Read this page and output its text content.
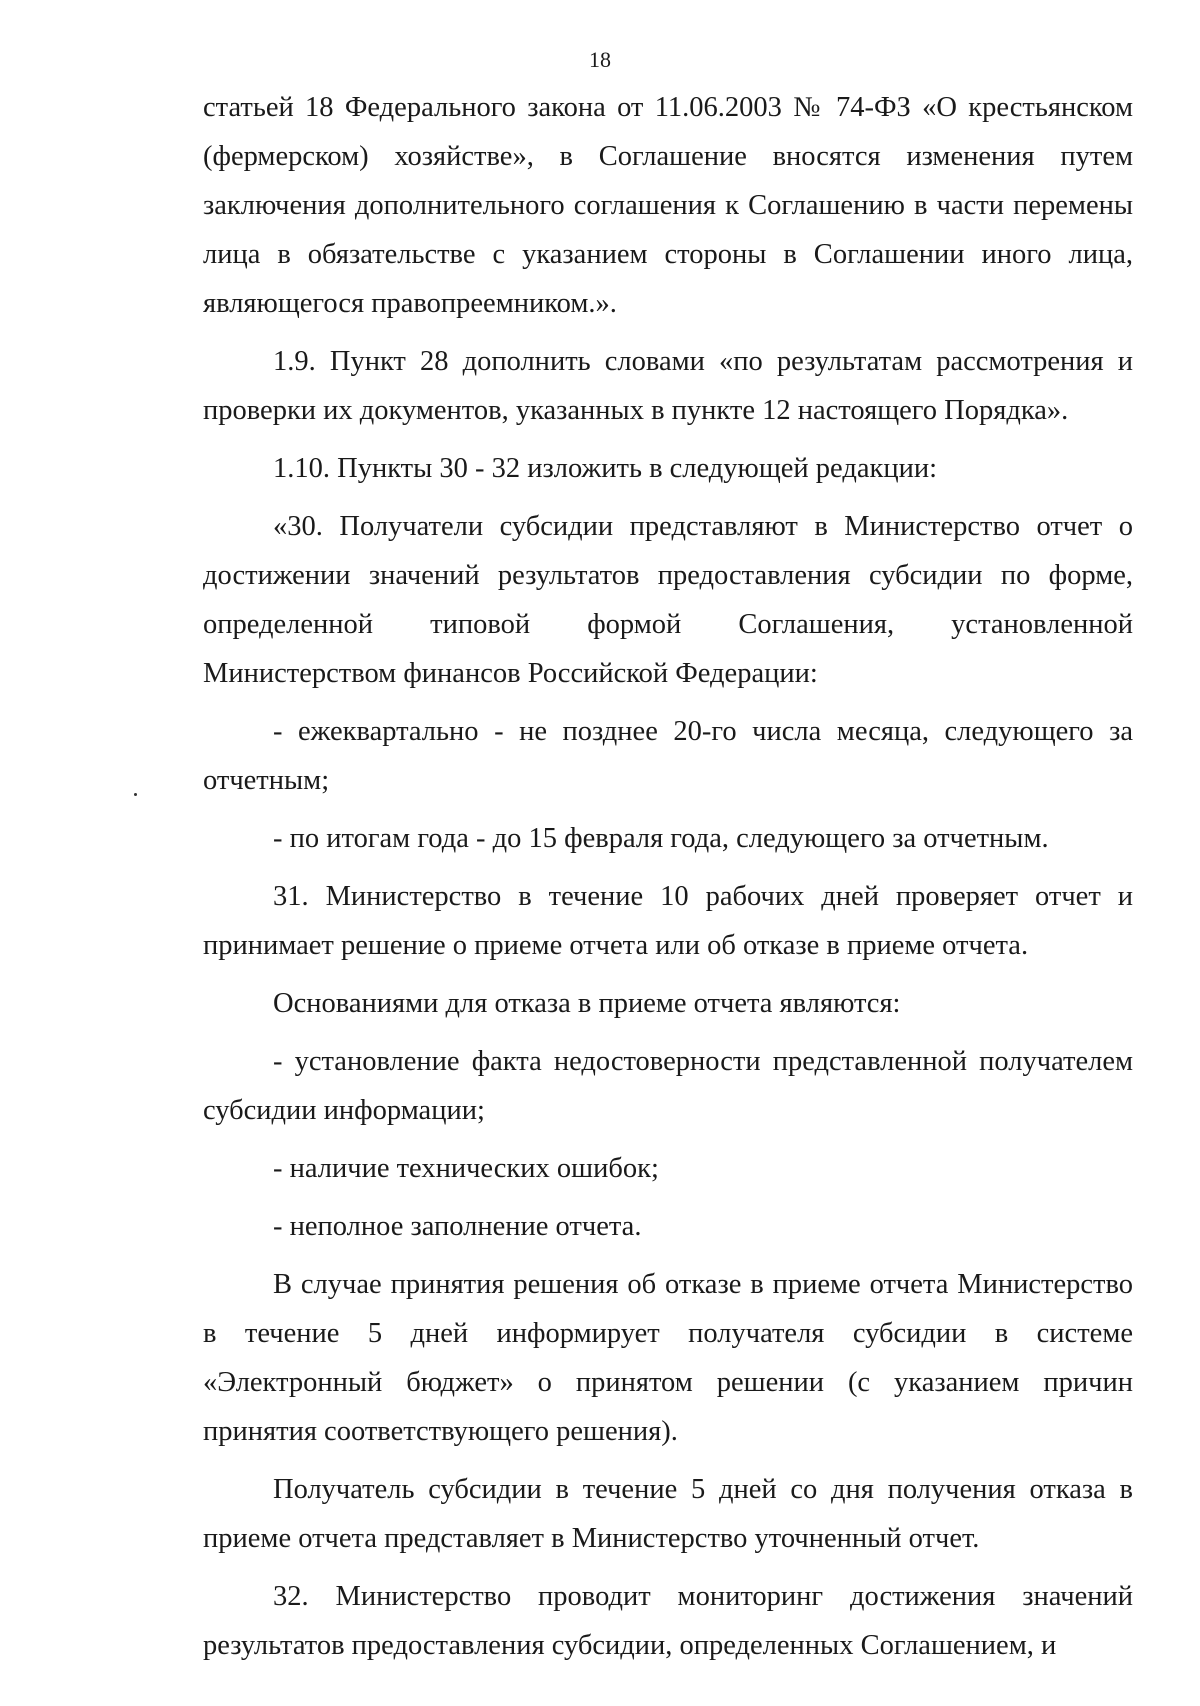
18

статьей 18 Федерального закона от 11.06.2003 № 74-ФЗ «О крестьянском (фермерском) хозяйстве», в Соглашение вносятся изменения путем заключения дополнительного соглашения к Соглашению в части перемены лица в обязательстве с указанием стороны в Соглашении иного лица, являющегося правопреемником.».

1.9. Пункт 28 дополнить словами «по результатам рассмотрения и проверки их документов, указанных в пункте 12 настоящего Порядка».

1.10. Пункты 30 - 32 изложить в следующей редакции:

«30. Получатели субсидии представляют в Министерство отчет о достижении значений результатов предоставления субсидии по форме, определенной типовой формой Соглашения, установленной Министерством финансов Российской Федерации:

- ежеквартально - не позднее 20-го числа месяца, следующего за отчетным;

- по итогам года - до 15 февраля года, следующего за отчетным.

31. Министерство в течение 10 рабочих дней проверяет отчет и принимает решение о приеме отчета или об отказе в приеме отчета.

Основаниями для отказа в приеме отчета являются:

- установление факта недостоверности представленной получателем субсидии информации;

- наличие технических ошибок;

- неполное заполнение отчета.

В случае принятия решения об отказе в приеме отчета Министерство в течение 5 дней информирует получателя субсидии в системе «Электронный бюджет» о принятом решении (с указанием причин принятия соответствующего решения).

Получатель субсидии в течение 5 дней со дня получения отказа в приеме отчета представляет в Министерство уточненный отчет.

32. Министерство проводит мониторинг достижения значений результатов предоставления субсидии, определенных Соглашением, и
